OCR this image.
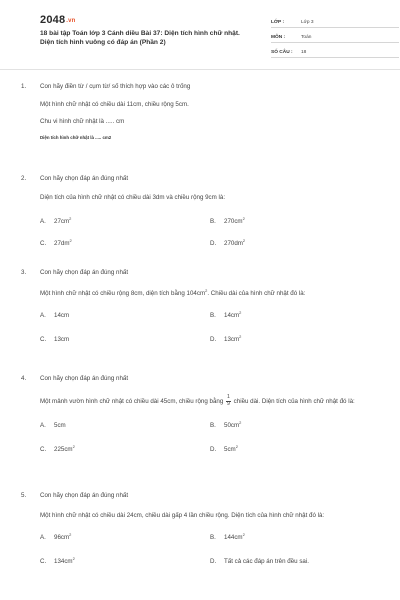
2048.vn
18 bài tập Toán lớp 3 Cánh diều Bài 37: Diện tích hình chữ nhật. Diện tích hình vuông có đáp án (Phần 2)
LỚP :	Lớp 3
MÔN :	Toán
SỐ CÂU :	18
1.	Con hãy điền từ / cụm từ/ số thích hợp vào các ô trống
Một hình chữ nhật có chiều dài 11cm, chiều rộng 5cm.
Chu vi hình chữ nhật là ..... cm
Diện tích hình chữ nhật là ..... cm2
2.	Con hãy chọn đáp án đúng nhất
Diện tích của hình chữ nhật có chiều dài 3dm và chiều rộng 9cm là:
A.	$27cm^2$	B.	$270cm^2$
C.	$27dm^2$	D.	$270dm^2$
3.	Con hãy chọn đáp án đúng nhất
Một hình chữ nhật có chiều rộng 8cm, diện tích bằng $104cm^2$. Chiều dài của hình chữ nhật đó là:
A.	14cm	B.	$14cm^2$
C.	13cm	D.	$13cm^2$
4.	Con hãy chọn đáp án đúng nhất
Một mảnh vườn hình chữ nhật có chiều dài 45cm, chiều rộng bằng $\frac{1}{9}$ chiều dài. Diện tích của hình chữ nhật đó là:
A.	5cm	B.	$50cm^2$
C.	$225cm^2$	D.	$5cm^2$
5.	Con hãy chọn đáp án đúng nhất
Một hình chữ nhật có chiều dài 24cm, chiều dài gấp 4 lần chiều rộng. Diện tích của hình chữ nhật đó là:
A.	$96cm^2$	B.	$144cm^2$
C.	$134cm^2$	D.	Tất cả các đáp án trên đều sai.
